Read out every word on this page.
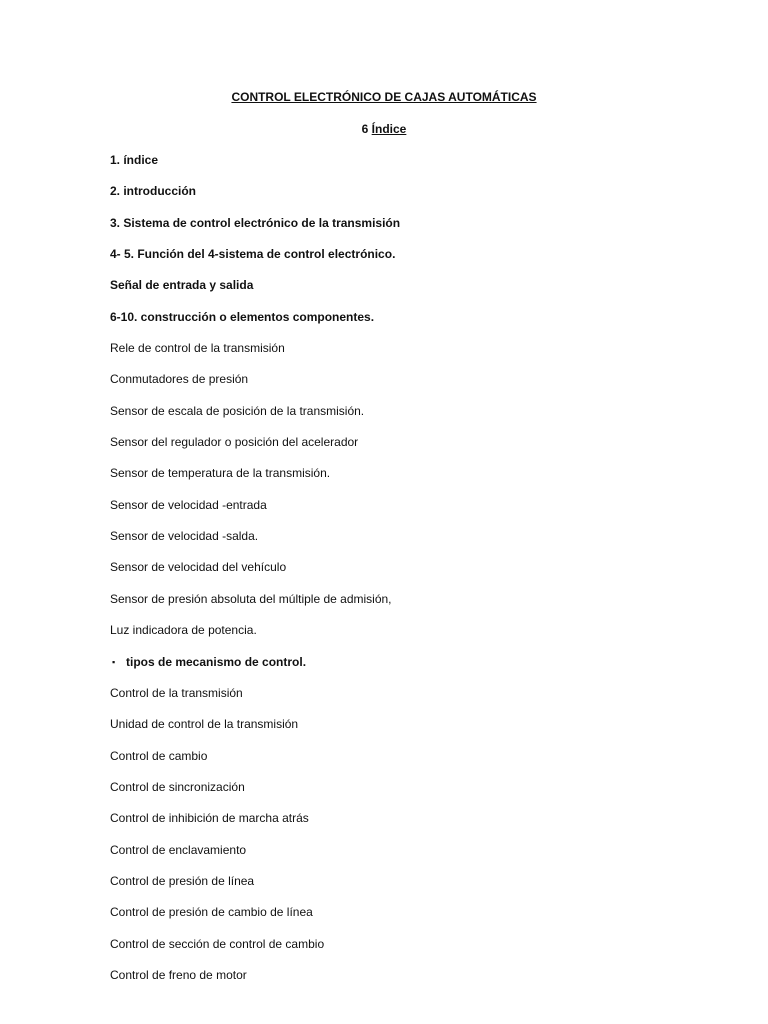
CONTROL ELECTRÓNICO DE CAJAS AUTOMÁTICAS
6 Índice
1. índice
2. introducción
3. Sistema de control electrónico de la transmisión
4- 5. Función del 4-sistema de control electrónico.
Señal de entrada y salida
6-10. construcción o elementos componentes.
Rele de control de la transmisión
Conmutadores de presión
Sensor de escala de posición de la transmisión.
Sensor del regulador o posición del acelerador
Sensor de temperatura de la transmisión.
Sensor de velocidad -entrada
Sensor de velocidad -salda.
Sensor de velocidad del vehículo
Sensor de presión absoluta del múltiple de admisión,
Luz indicadora de potencia.
▪ tipos de mecanismo de control.
Control de la transmisión
Unidad de control de la transmisión
Control de cambio
Control de sincronización
Control de inhibición de marcha atrás
Control de enclavamiento
Control de presión de línea
Control de presión de cambio de línea
Control de sección de control de cambio
Control de freno de motor
